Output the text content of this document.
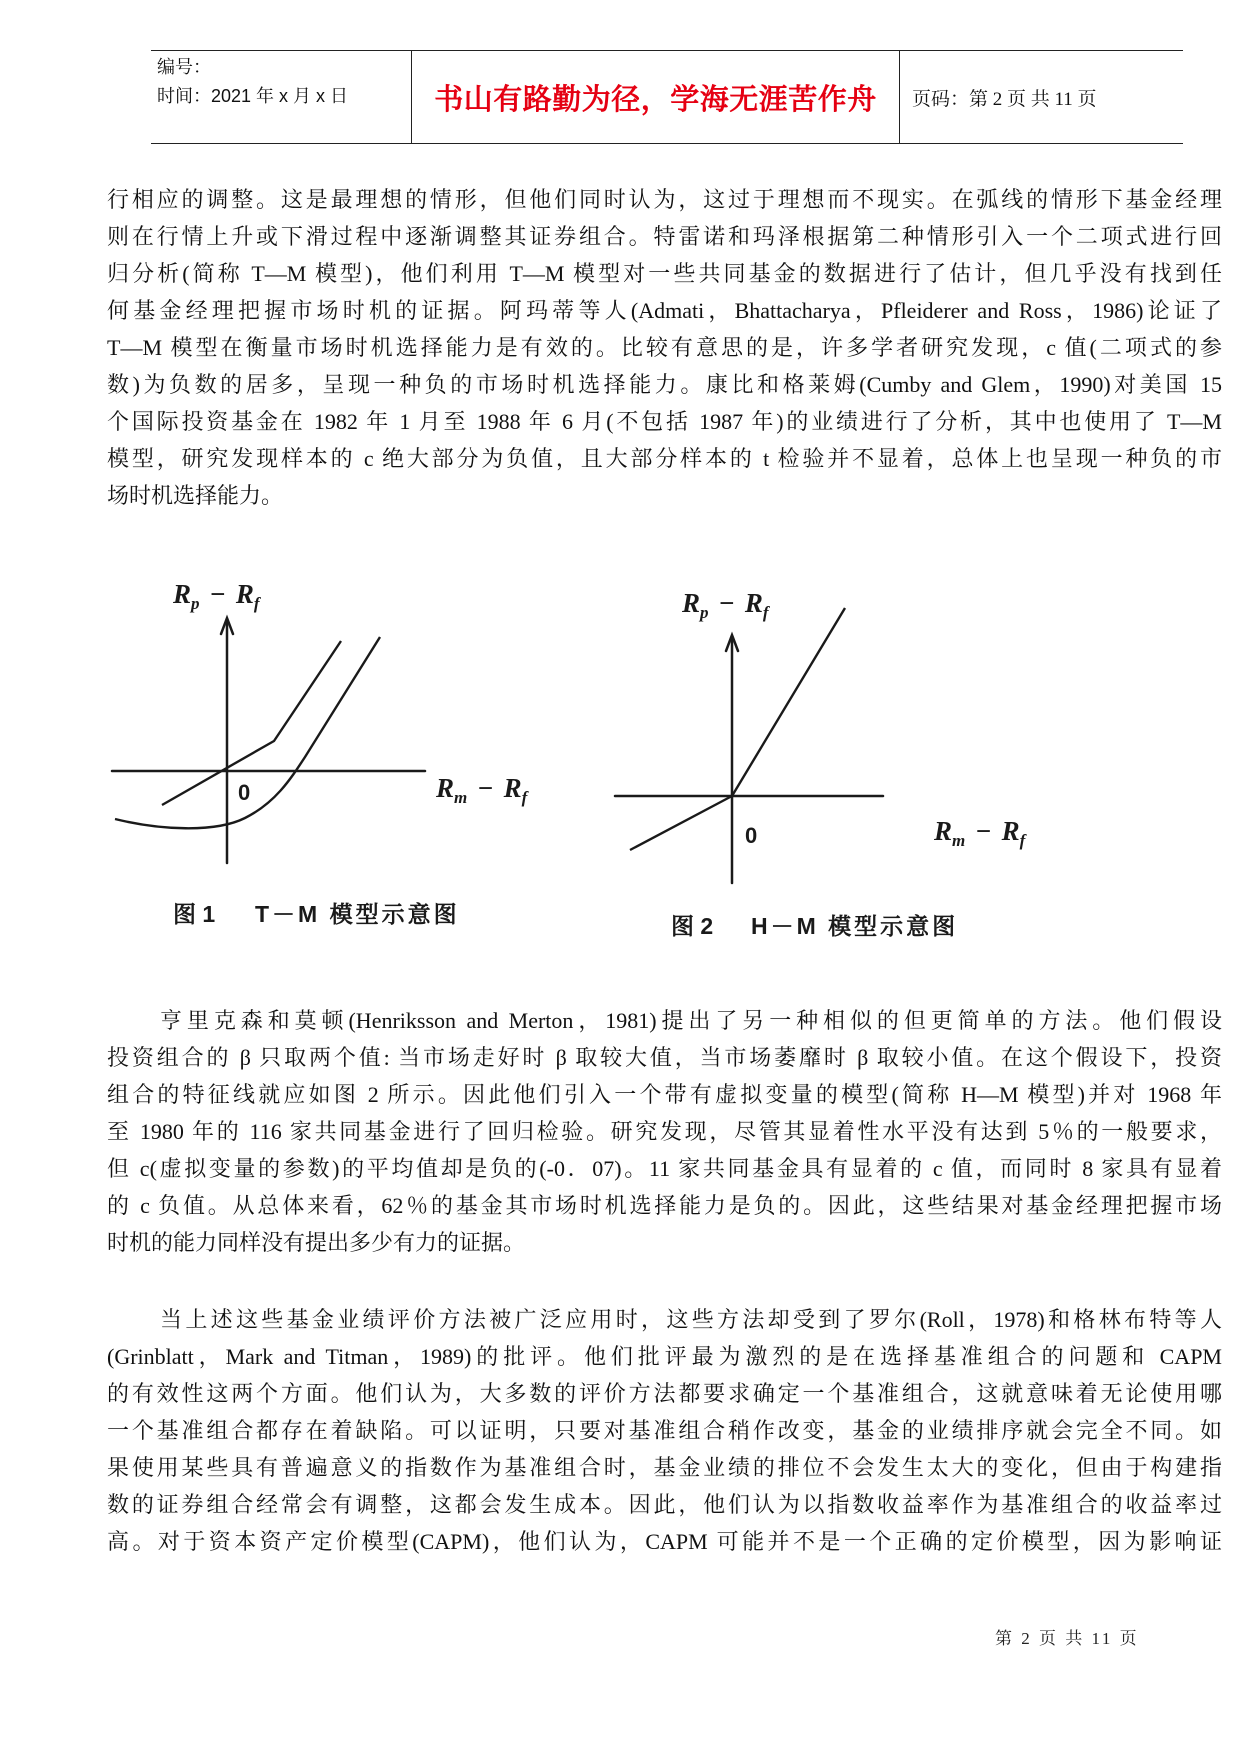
编号：
时间：2021 年 x 月 x 日	书山有路勤为径，学海无涯苦作舟 页码：第 2 页 共 11 页
行相应的调整。这是最理想的情形，但他们同时认为，这过于理想而不现实。在弧线的情形下基金经理
则在行情上升或下滑过程中逐渐调整其证券组合。特雷诺和玛泽根据第二种情形引入一个二项式进行回
归分析(简称 T—M 模型)，他们利用 T—M 模型对一些共同基金的数据进行了估计，但几乎没有找到任
何基金经理把握市场时机的证据。阿玛蒂等人(Admati，Bhattacharya，Pfleiderer and Ross，1986)论证了
T—M 模型在衡量市场时机选择能力是有效的。比较有意思的是，许多学者研究发现，c 值(二项式的参
数)为负数的居多，呈现一种负的市场时机选择能力。康比和格莱姆(Cumby and Glem，1990)对美国 15
个国际投资基金在 1982 年 1 月至 1988 年 6 月(不包括 1987 年)的业绩进行了分析，其中也使用了 T—M
模型，研究发现样本的 c 绝大部分为负值，且大部分样本的 t 检验并不显着，总体上也呈现一种负的市
场时机选择能力。
$R_p - R_f$
$R_m - R_f$
0
$R_p - R_f$
$R_m - R_f$
0
图 1 T－M 模型示意图	图 2 H－M 模型示意图
亨里克森和莫顿(Henriksson and Merton，1981)提出了另一种相似的但更简单的方法。他们假设
投资组合的 β 只取两个值: 当市场走好时 β 取较大值，当市场萎靡时 β 取较小值。在这个假设下，投资
组合的特征线就应如图 2 所示。因此他们引入一个带有虚拟变量的模型(简称 H—M 模型)并对 1968 年
至 1980 年的 116 家共同基金进行了回归检验。研究发现，尽管其显着性水平没有达到 5％的一般要求，
但 c(虚拟变量的参数)的平均值却是负的(-0．07)。11 家共同基金具有显着的 c 值，而同时 8 家具有显着
的 c 负值。从总体来看，62％的基金其市场时机选择能力是负的。因此，这些结果对基金经理把握市场
时机的能力同样没有提出多少有力的证据。
当上述这些基金业绩评价方法被广泛应用时，这些方法却受到了罗尔(Roll，1978)和格林布特等人
(Grinblatt，Mark and Titman，1989)的批评。他们批评最为激烈的是在选择基准组合的问题和 CAPM
的有效性这两个方面。他们认为，大多数的评价方法都要求确定一个基准组合，这就意味着无论使用哪
一个基准组合都存在着缺陷。可以证明，只要对基准组合稍作改变，基金的业绩排序就会完全不同。如
果使用某些具有普遍意义的指数作为基准组合时，基金业绩的排位不会发生太大的变化，但由于构建指
数的证券组合经常会有调整，这都会发生成本。因此，他们认为以指数收益率作为基准组合的收益率过
高。对于资本资产定价模型(CAPM)，他们认为，CAPM 可能并不是一个正确的定价模型，因为影响证
第 2 页 共 11 页
